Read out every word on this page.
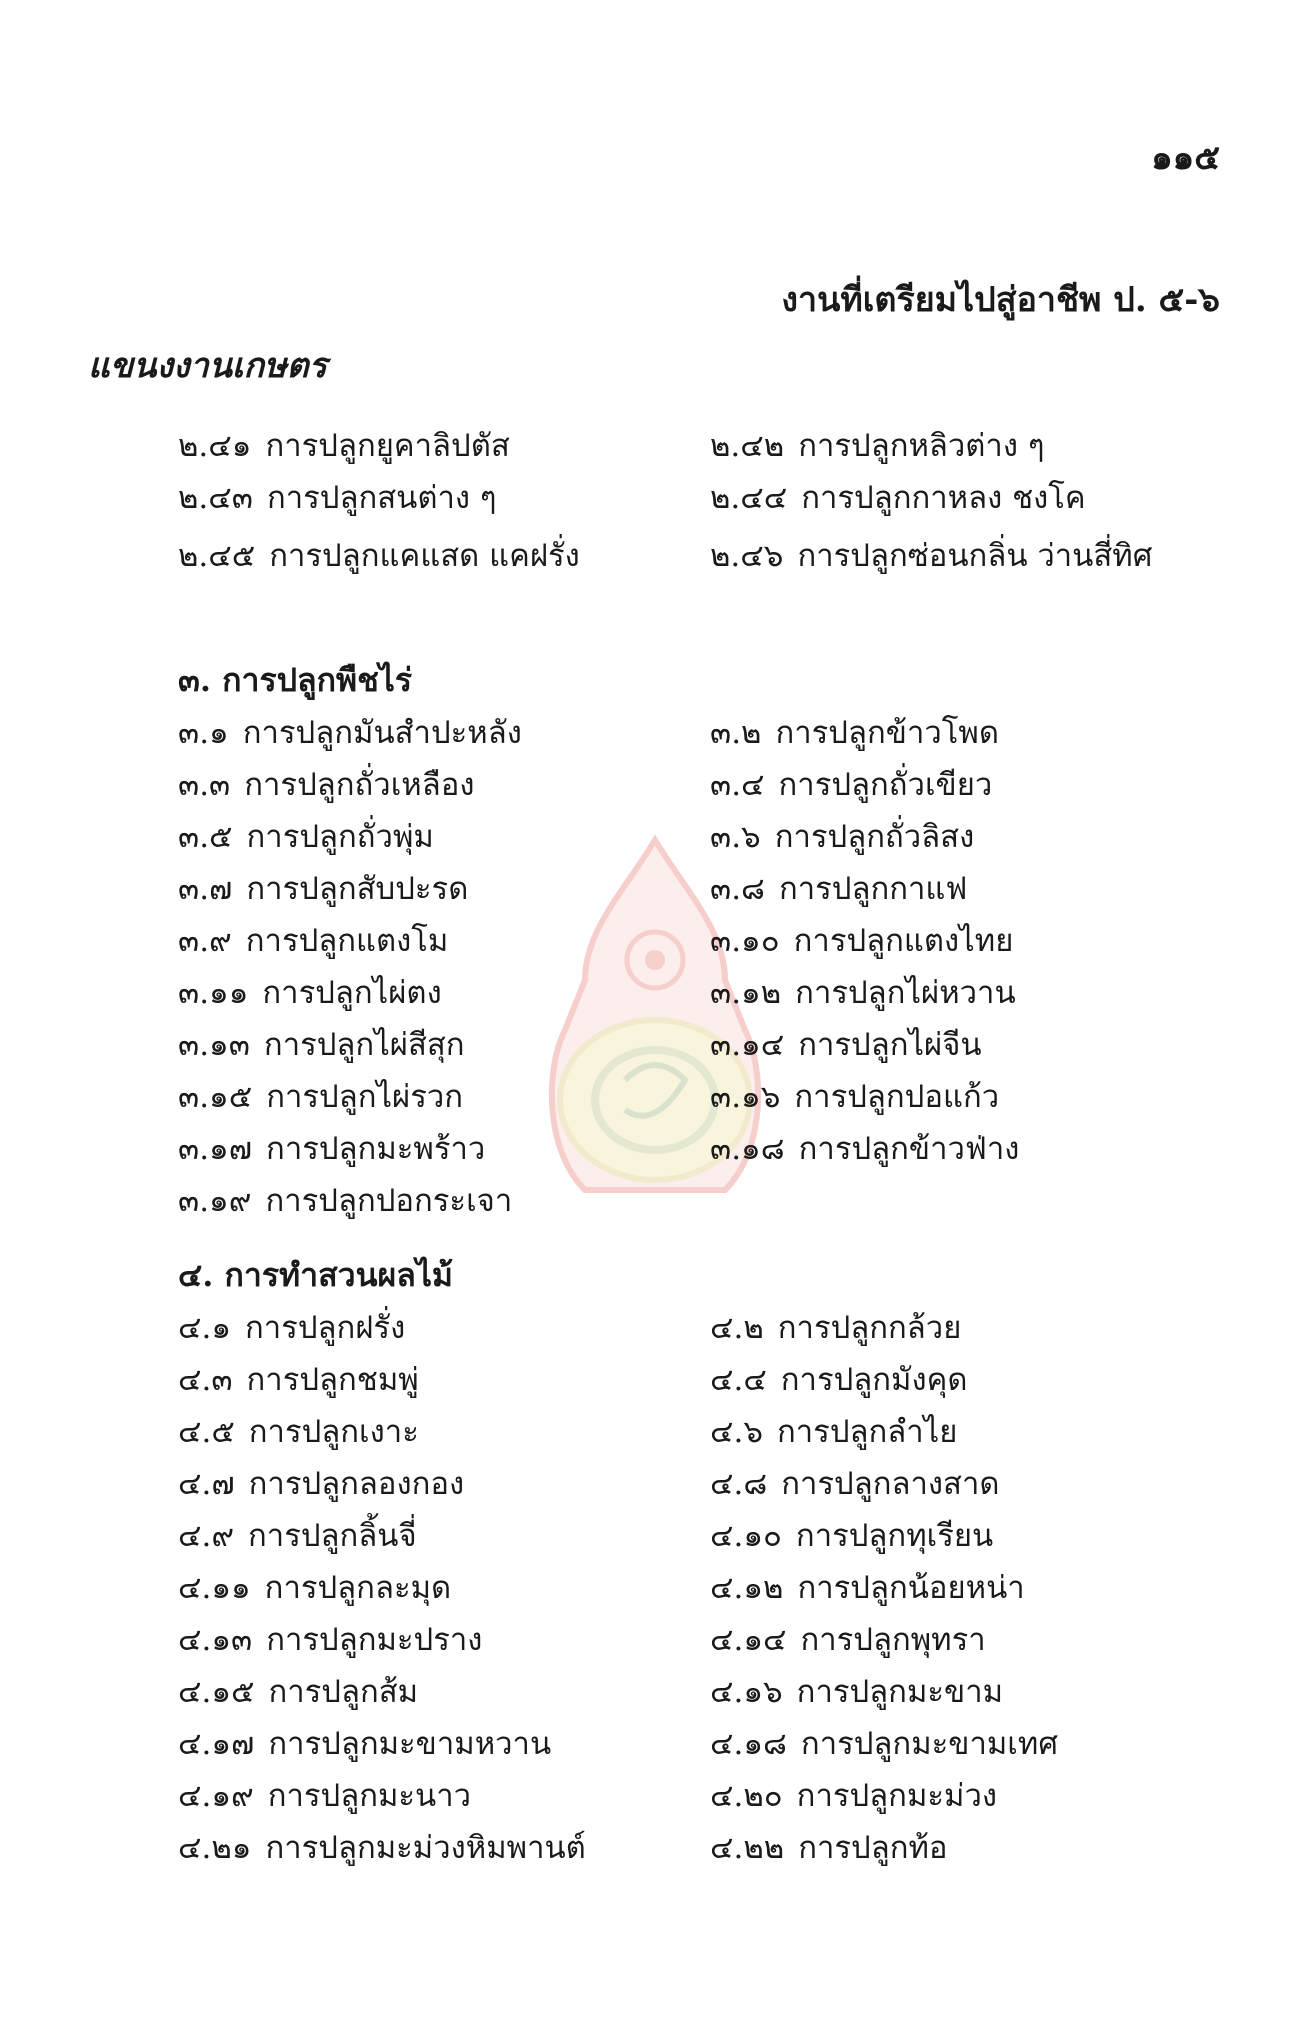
๑๑๕
งานที่เตรียมไปสู่อาชีพ ป. ๕-๖
แขนงงานเกษตร
๒.๔๑ การปลูกยูคาลิปตัส	๒.๔๒ การปลูกหลิวต่าง ๆ
๒.๔๓ การปลูกสนต่าง ๆ	๒.๔๔ การปลูกกาหลง ชงโค
๒.๔๕ การปลูกแคแสด แคฝรั่ง	๒.๔๖ การปลูกซ่อนกลิ่น ว่านสี่ทิศ
๓. การปลูกพืชไร่
๓.๑ การปลูกมันสำปะหลัง	๓.๒ การปลูกข้าวโพด
๓.๓ การปลูกถั่วเหลือง	๓.๔ การปลูกถั่วเขียว
๓.๕ การปลูกถั่วพุ่ม	๓.๖ การปลูกถั่วลิสง
๓.๗ การปลูกสับปะรด	๓.๘ การปลูกกาแฟ
๓.๙ การปลูกแตงโม	๓.๑๐ การปลูกแตงไทย
๓.๑๑ การปลูกไผ่ตง	๓.๑๒ การปลูกไผ่หวาน
๓.๑๓ การปลูกไผ่สีสุก	๓.๑๔ การปลูกไผ่จีน
๓.๑๕ การปลูกไผ่รวก	๓.๑๖ การปลูกปอแก้ว
๓.๑๗ การปลูกมะพร้าว	๓.๑๘ การปลูกข้าวฟ่าง
๓.๑๙ การปลูกปอกระเจา
๔. การทำสวนผลไม้
๔.๑ การปลูกฝรั่ง	๔.๒ การปลูกกล้วย
๔.๓ การปลูกชมพู่	๔.๔ การปลูกมังคุด
๔.๕ การปลูกเงาะ	๔.๖ การปลูกลำไย
๔.๗ การปลูกลองกอง	๔.๘ การปลูกลางสาด
๔.๙ การปลูกลิ้นจี่	๔.๑๐ การปลูกทุเรียน
๔.๑๑ การปลูกละมุด	๔.๑๒ การปลูกน้อยหน่า
๔.๑๓ การปลูกมะปราง	๔.๑๔ การปลูกพุทรา
๔.๑๕ การปลูกส้ม	๔.๑๖ การปลูกมะขาม
๔.๑๗ การปลูกมะขามหวาน	๔.๑๘ การปลูกมะขามเทศ
๔.๑๙ การปลูกมะนาว	๔.๒๐ การปลูกมะม่วง
๔.๒๑ การปลูกมะม่วงหิมพานต์	๔.๒๒ การปลูกท้อ
